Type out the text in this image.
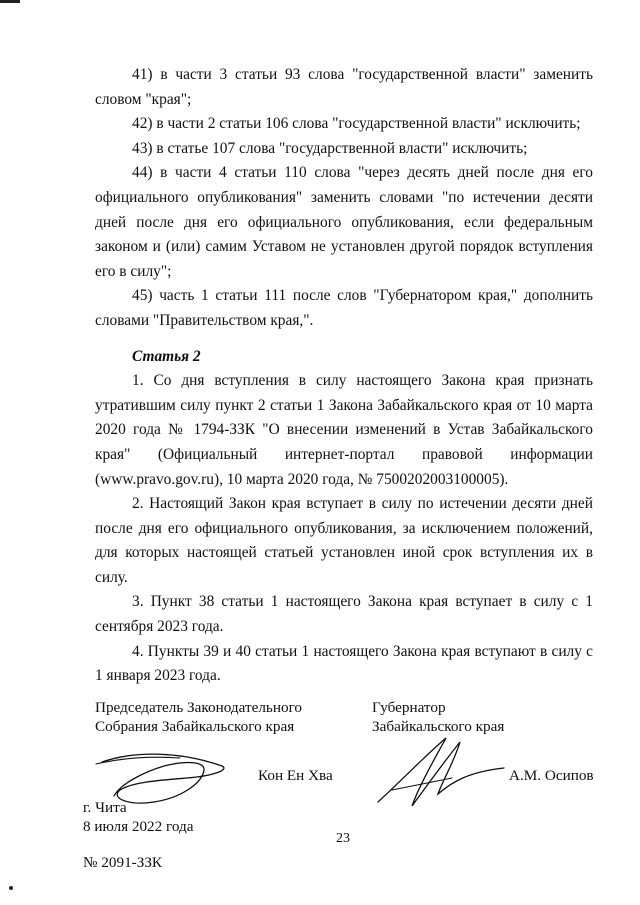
41) в части 3 статьи 93 слова "государственной власти" заменить словом "края";

42) в части 2 статьи 106 слова "государственной власти" исключить;

43) в статье 107 слова "государственной власти" исключить;

44) в части 4 статьи 110 слова "через десять дней после дня его официального опубликования" заменить словами "по истечении десяти дней после дня его официального опубликования, если федеральным законом и (или) самим Уставом не установлен другой порядок вступления его в силу";

45) часть 1 статьи 111 после слов "Губернатором края," дополнить словами "Правительством края,".

Статья 2

1. Со дня вступления в силу настоящего Закона края признать утратившим силу пункт 2 статьи 1 Закона Забайкальского края от 10 марта 2020 года № 1794-ЗЗК "О внесении изменений в Устав Забайкальского края" (Официальный интернет-портал правовой информации (www.pravo.gov.ru), 10 марта 2020 года, № 7500202003100005).

2. Настоящий Закон края вступает в силу по истечении десяти дней после дня его официального опубликования, за исключением положений, для которых настоящей статьей установлен иной срок вступления их в силу.

3. Пункт 38 статьи 1 настоящего Закона края вступает в силу с 1 сентября 2023 года.

4. Пункты 39 и 40 статьи 1 настоящего Закона края вступают в силу с 1 января 2023 года.

Председатель Законодательного
Собрания Забайкальского края
Губернатор
Забайкальского края
Кон Ен Хва	А.М. Осипов
г. Чита
8 июля 2022 года
23
№ 2091-ЗЗК
